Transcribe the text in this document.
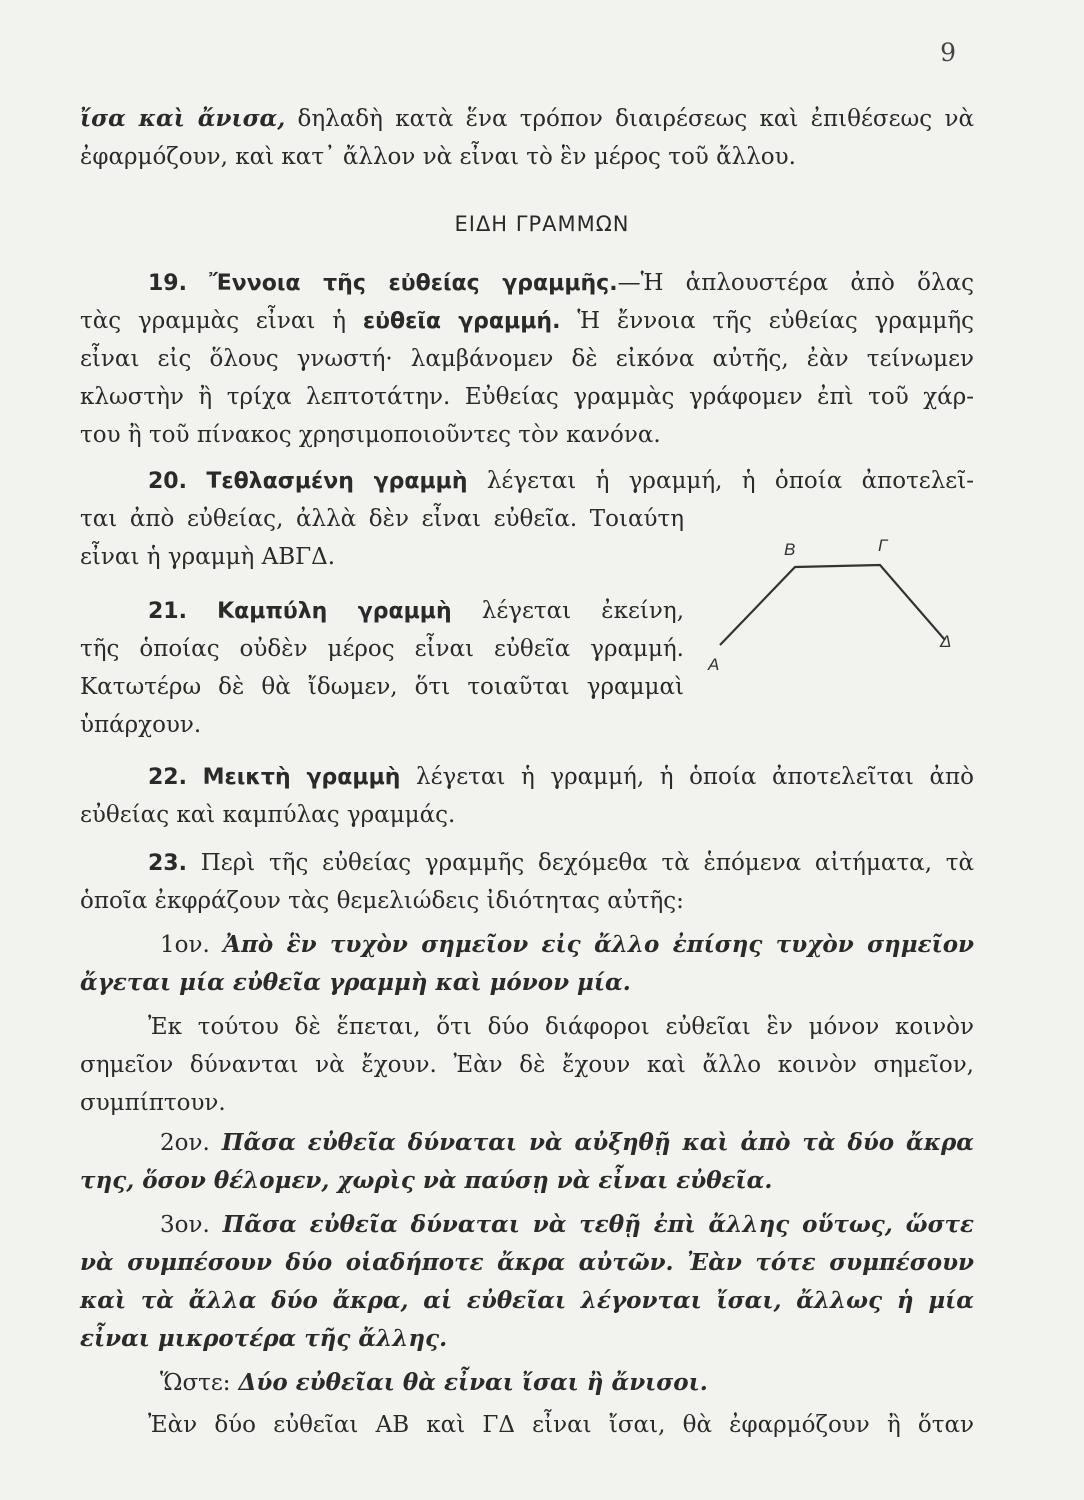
9
ἴσα καὶ ἄνισα, δηλαδὴ κατὰ ἕνα τρόπον διαιρέσεως καὶ ἐπιθέσεως νὰ
ἐφαρμόζουν, καὶ κατ᾽ ἄλλον νὰ εἶναι τὸ ἓν μέρος τοῦ ἄλλου.
ΕΙΔΗ ΓΡΑΜΜΩΝ
19. Ἔννοια τῆς εὐθείας γραμμῆς.—Ἡ ἁπλουστέρα ἀπὸ ὅλας
τὰς γραμμὰς εἶναι ἡ εὐθεῖα γραμμή. Ἡ ἔννοια τῆς εὐθείας γραμμῆς
εἶναι εἰς ὅλους γνωστή· λαμβάνομεν δὲ εἰκόνα αὐτῆς, ἐὰν τείνωμεν
κλωστὴν ἢ τρίχα λεπτοτάτην. Εὐθείας γραμμὰς γράφομεν ἐπὶ τοῦ χάρ-
του ἢ τοῦ πίνακος χρησιμοποιοῦντες τὸν κανόνα.
20. Τεθλασμένη γραμμὴ λέγεται ἡ γραμμή, ἡ ὁποία ἀποτελεῖ-
ται ἀπὸ εὐθείας, ἀλλὰ δὲν εἶναι εὐθεῖα. Τοιαύτη
εἶναι ἡ γραμμὴ ΑΒΓΔ.
21. Καμπύλη γραμμὴ λέγεται ἐκείνη,
τῆς ὁποίας οὐδὲν μέρος εἶναι εὐθεῖα γραμμή.
Κατωτέρω δὲ θὰ ἴδωμεν, ὅτι τοιαῦται γραμμαὶ
ὑπάρχουν.
Α
Β	Γ
Δ
22. Μεικτὴ γραμμὴ λέγεται ἡ γραμμή, ἡ ὁποία ἀποτελεῖται ἀπὸ
εὐθείας καὶ καμπύλας γραμμάς.
23. Περὶ τῆς εὐθείας γραμμῆς δεχόμεθα τὰ ἑπόμενα αἰτήματα, τὰ
ὁποῖα ἐκφράζουν τὰς θεμελιώδεις ἰδιότητας αὐτῆς:
1ον. Ἀπὸ ἓν τυχὸν σημεῖον εἰς ἄλλο ἐπίσης τυχὸν σημεῖον
ἄγεται μία εὐθεῖα γραμμὴ καὶ μόνον μία.
Ἐκ τούτου δὲ ἕπεται, ὅτι δύο διάφοροι εὐθεῖαι ἓν μόνον κοινὸν
σημεῖον δύνανται νὰ ἔχουν. Ἐὰν δὲ ἔχουν καὶ ἄλλο κοινὸν σημεῖον,
συμπίπτουν.
2ον. Πᾶσα εὐθεῖα δύναται νὰ αὐξηθῇ καὶ ἀπὸ τὰ δύο ἄκρα
της, ὅσον θέλομεν, χωρὶς νὰ παύσῃ νὰ εἶναι εὐθεῖα.
3ον. Πᾶσα εὐθεῖα δύναται νὰ τεθῇ ἐπὶ ἄλλης οὕτως, ὥστε
νὰ συμπέσουν δύο οἱαδήποτε ἄκρα αὐτῶν. Ἐὰν τότε συμπέσουν
καὶ τὰ ἄλλα δύο ἄκρα, αἱ εὐθεῖαι λέγονται ἴσαι, ἄλλως ἡ μία
εἶναι μικροτέρα τῆς ἄλλης.
Ὥστε: Δύο εὐθεῖαι θὰ εἶναι ἴσαι ἢ ἄνισοι.
Ἐὰν δύο εὐθεῖαι ΑΒ καὶ ΓΔ εἶναι ἴσαι, θὰ ἐφαρμόζουν ἢ ὅταν
